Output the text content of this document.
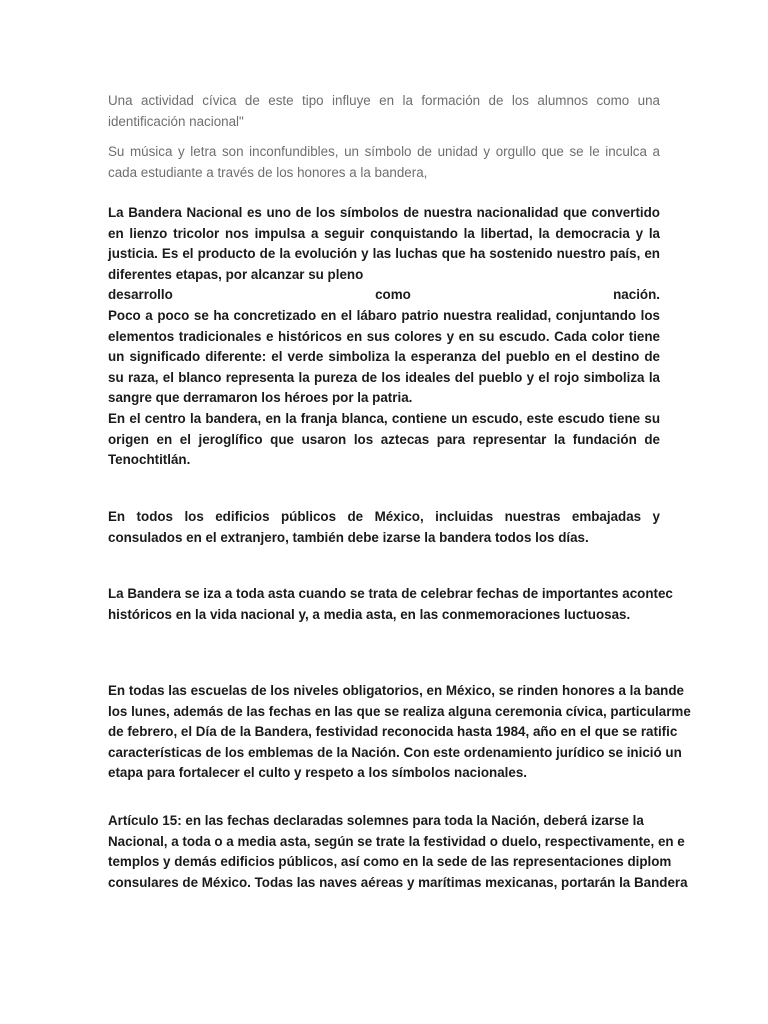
Una actividad cívica de este tipo influye en la formación de los alumnos como una identificación nacional"

Su música y letra son inconfundibles, un símbolo de unidad y orgullo que se le inculca a cada estudiante a través de los honores a la bandera,

La Bandera Nacional es uno de los símbolos de nuestra nacionalidad que convertido en lienzo tricolor nos impulsa a seguir conquistando la libertad, la democracia y la justicia. Es el producto de la evolución y las luchas que ha sostenido nuestro país, en diferentes etapas, por alcanzar su pleno
desarrollo	como	nación.
Poco a poco se ha concretizado en el lábaro patrio nuestra realidad, conjuntando los elementos tradicionales e históricos en sus colores y en su escudo. Cada color tiene un significado diferente: el verde simboliza la esperanza del pueblo en el destino de su raza, el blanco representa la pureza de los ideales del pueblo y el rojo simboliza la sangre que derramaron los héroes por la patria.
En el centro la bandera, en la franja blanca, contiene un escudo, este escudo tiene su origen en el jeroglífico que usaron los aztecas para representar la fundación de Tenochtitlán.

En todos los edificios públicos de México, incluidas nuestras embajadas y consulados en el extranjero, también debe izarse la bandera todos los días.

La Bandera se iza a toda asta cuando se trata de celebrar fechas de importantes acontec
históricos en la vida nacional y, a media asta, en las conmemoraciones luctuosas.
En todas las escuelas de los niveles obligatorios, en México, se rinden honores a la bande
los lunes, además de las fechas en las que se realiza alguna ceremonia cívica, particularme
de febrero, el Día de la Bandera, festividad reconocida hasta 1984, año en el que se ratific
características de los emblemas de la Nación. Con este ordenamiento jurídico se inició un
etapa para fortalecer el culto y respeto a los símbolos nacionales.
Artículo 15: en las fechas declaradas solemnes para toda la Nación, deberá izarse la
Nacional, a toda o a media asta, según se trate la festividad o duelo, respectivamente, en e
templos y demás edificios públicos, así como en la sede de las representaciones diplom
consulares de México. Todas las naves aéreas y marítimas mexicanas, portarán la Bandera
